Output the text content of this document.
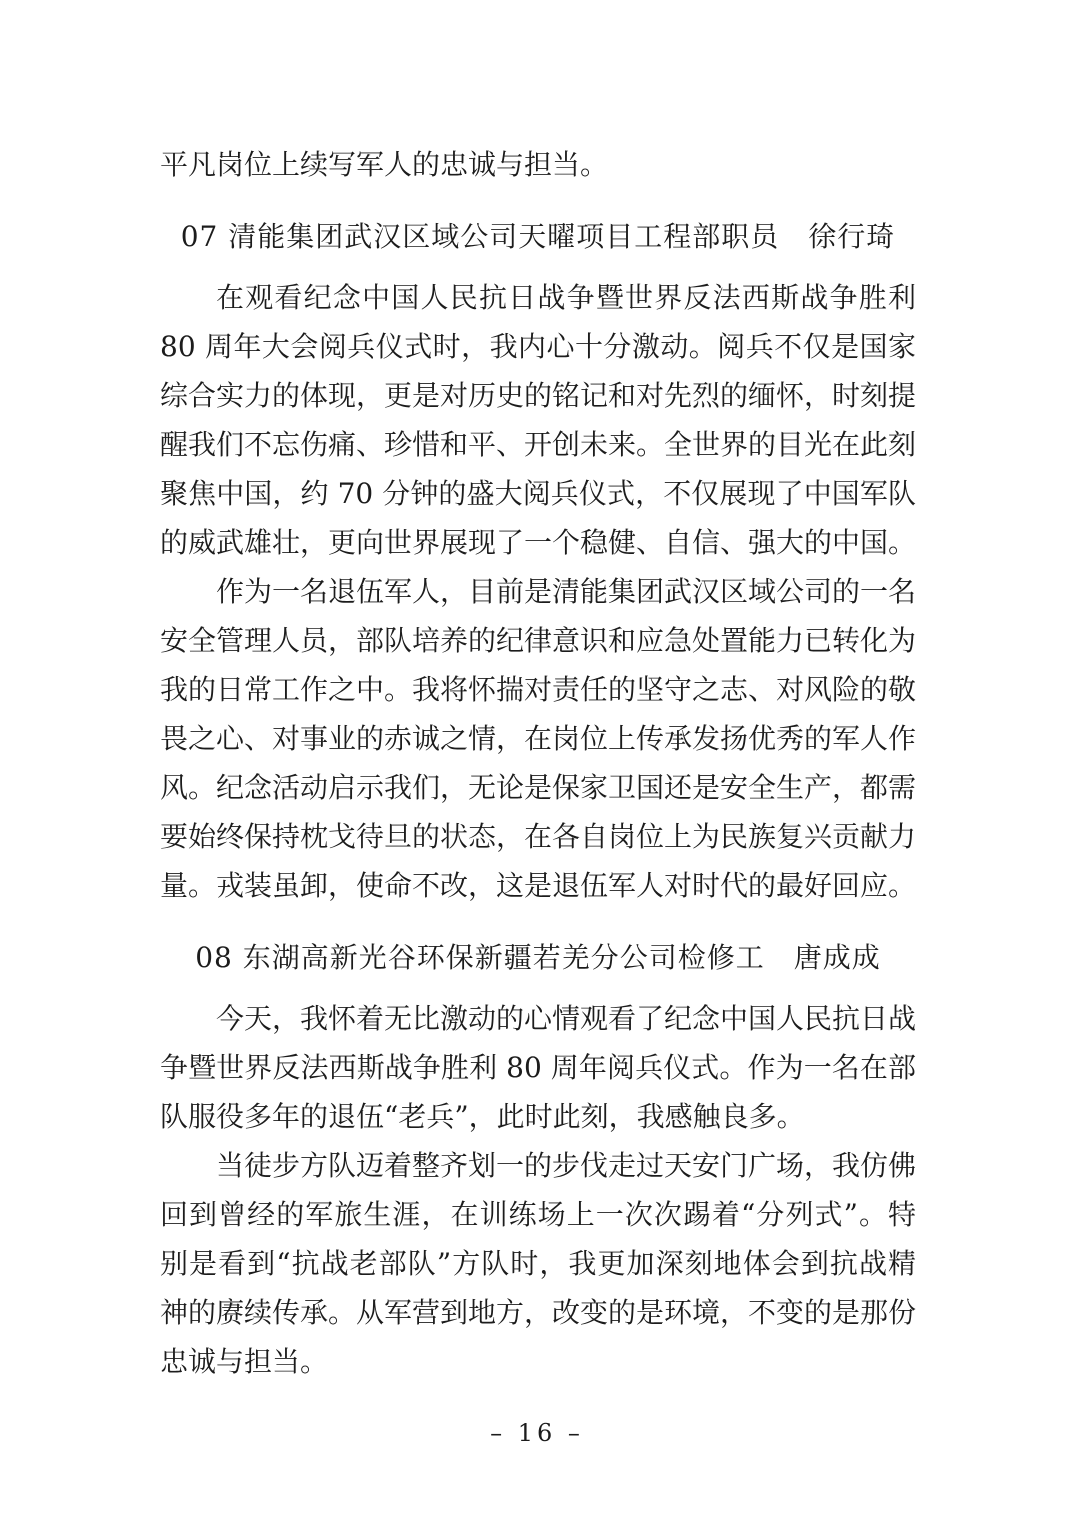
平凡岗位上续写军人的忠诚与担当。

07 清能集团武汉区域公司天曜项目工程部职员　徐行琦

在观看纪念中国人民抗日战争暨世界反法西斯战争胜利 80 周年大会阅兵仪式时，我内心十分激动。阅兵不仅是国家综合实力的体现，更是对历史的铭记和对先烈的缅怀，时刻提醒我们不忘伤痛、珍惜和平、开创未来。全世界的目光在此刻聚焦中国，约 70 分钟的盛大阅兵仪式，不仅展现了中国军队的威武雄壮，更向世界展现了一个稳健、自信、强大的中国。

作为一名退伍军人，目前是清能集团武汉区域公司的一名安全管理人员，部队培养的纪律意识和应急处置能力已转化为我的日常工作之中。我将怀揣对责任的坚守之志、对风险的敬畏之心、对事业的赤诚之情，在岗位上传承发扬优秀的军人作风。纪念活动启示我们，无论是保家卫国还是安全生产，都需要始终保持枕戈待旦的状态，在各自岗位上为民族复兴贡献力量。戎装虽卸，使命不改，这是退伍军人对时代的最好回应。

08 东湖高新光谷环保新疆若羌分公司检修工　唐成成

今天，我怀着无比激动的心情观看了纪念中国人民抗日战争暨世界反法西斯战争胜利 80 周年阅兵仪式。作为一名在部队服役多年的退伍“老兵”，此时此刻，我感触良多。

当徒步方队迈着整齐划一的步伐走过天安门广场，我仿佛回到曾经的军旅生涯，在训练场上一次次踢着“分列式”。特别是看到“抗战老部队”方队时，我更加深刻地体会到抗战精神的赓续传承。从军营到地方，改变的是环境，不变的是那份忠诚与担当。

– 16 –
